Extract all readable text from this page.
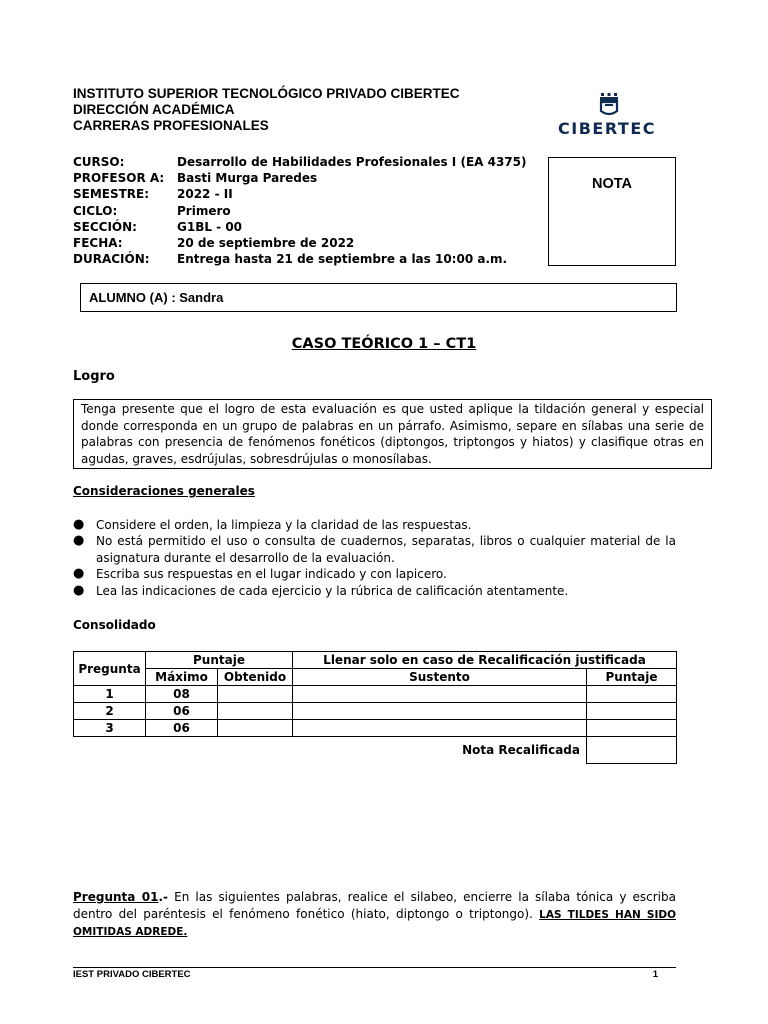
INSTITUTO SUPERIOR TECNOLÓGICO PRIVADO CIBERTEC
DIRECCIÓN ACADÉMICA
CARRERAS PROFESIONALES	CIBERTEC
CURSO:	Desarrollo de Habilidades Profesionales I (EA 4375)
PROFESOR A: Basti Murga Paredes
SEMESTRE: 2022 - II
CICLO:	Primero
SECCIÓN:	G1BL - 00
FECHA:	20 de septiembre de 2022
DURACIÓN: Entrega hasta 21 de septiembre a las 10:00 a.m.
NOTA
ALUMNO (A) : Sandra
CASO TEÓRICO 1 – CT1
Logro
Tenga presente que el logro de esta evaluación es que usted aplique la tildación general y especial donde corresponda en un grupo de palabras en un párrafo. Asimismo, separe en sílabas una serie de palabras con presencia de fenómenos fonéticos (diptongos, triptongos y hiatos) y clasifique otras en agudas, graves, esdrújulas, sobresdrújulas o monosílabas.
Consideraciones generales
● Considere el orden, la limpieza y la claridad de las respuestas.
● No está permitido el uso o consulta de cuadernos, separatas, libros o cualquier material de la asignatura durante el desarrollo de la evaluación.
● Escriba sus respuestas en el lugar indicado y con lapicero.
● Lea las indicaciones de cada ejercicio y la rúbrica de calificación atentamente.
Consolidado
Pregunta	Puntaje		Llenar solo en caso de Recalificación justificada	
	Máximo	Obtenido	Sustento	Puntaje
1	08			
2	06			
3	06			
Nota Recalificada				
Pregunta 01.- En las siguientes palabras, realice el silabeo, encierre la sílaba tónica y escriba dentro del paréntesis el fenómeno fonético (hiato, diptongo o triptongo). LAS TILDES HAN SIDO OMITIDAS ADREDE.
IEST PRIVADO CIBERTEC	1
